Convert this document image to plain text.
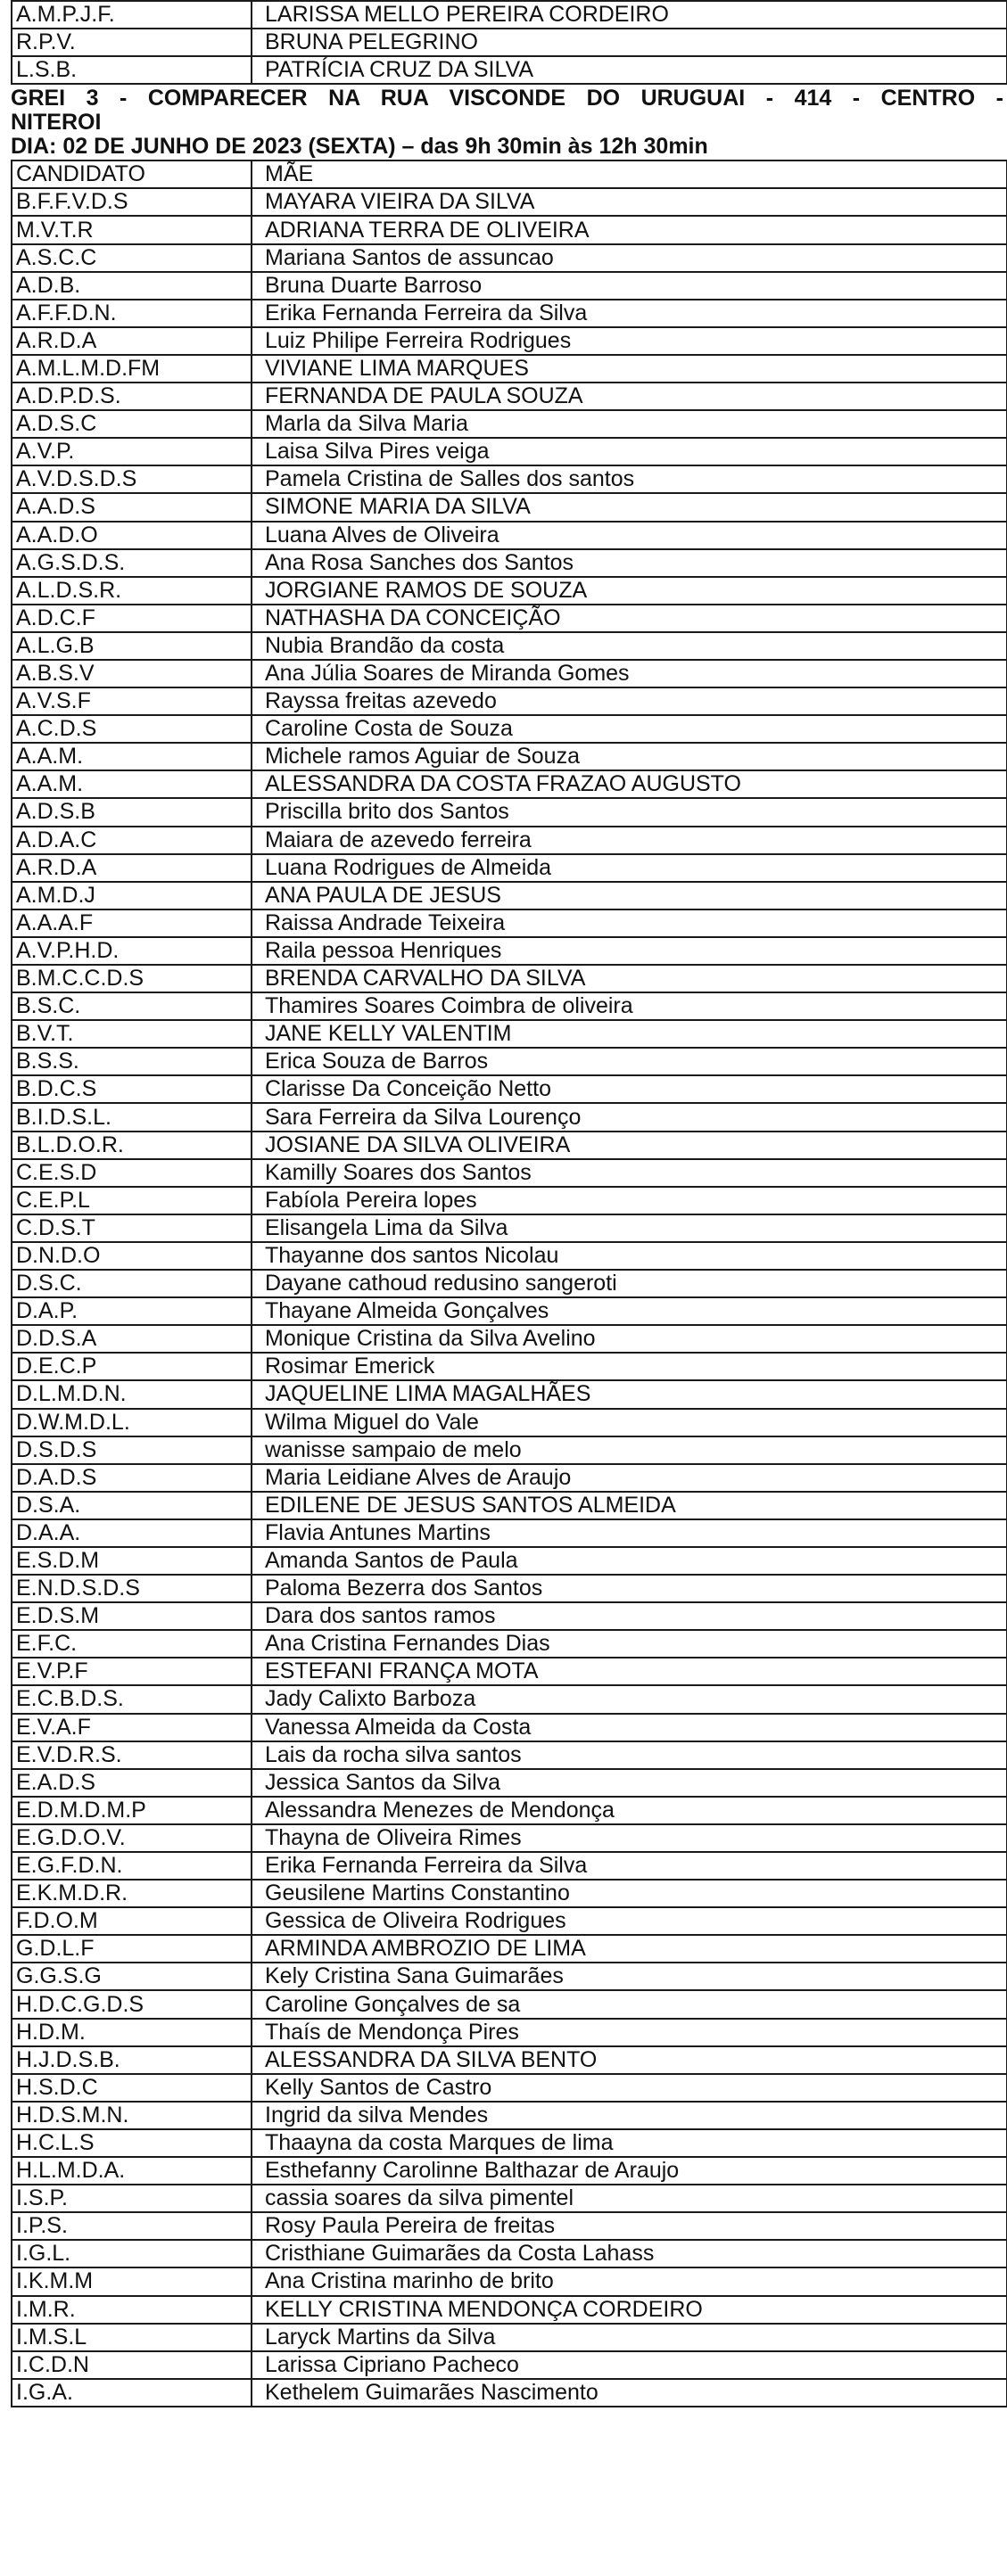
A.M.P.J.F.	LARISSA MELLO PEREIRA CORDEIRO
R.P.V.	BRUNA PELEGRINO
L.S.B.	PATRÍCIA CRUZ DA SILVA
GREI 3 - COMPARECER NA RUA VISCONDE DO URUGUAI - 414 - CENTRO -
NITEROI
DIA: 02 DE JUNHO DE 2023 (SEXTA) – das 9h 30min às 12h 30min
CANDIDATO	MÃE
B.F.F.V.D.S	MAYARA VIEIRA DA SILVA
M.V.T.R	ADRIANA TERRA DE OLIVEIRA
A.S.C.C	Mariana Santos de assuncao
A.D.B.	Bruna Duarte Barroso
A.F.F.D.N.	Erika Fernanda Ferreira da Silva
A.R.D.A	Luiz Philipe Ferreira Rodrigues
A.M.L.M.D.FM	VIVIANE LIMA MARQUES
A.D.P.D.S.	FERNANDA DE PAULA SOUZA
A.D.S.C	Marla da Silva Maria
A.V.P.	Laisa Silva Pires veiga
A.V.D.S.D.S	Pamela Cristina de Salles dos santos
A.A.D.S	SIMONE MARIA DA SILVA
A.A.D.O	Luana Alves de Oliveira
A.G.S.D.S.	Ana Rosa Sanches dos Santos
A.L.D.S.R.	JORGIANE RAMOS DE SOUZA
A.D.C.F	NATHASHA DA CONCEIÇÃO
A.L.G.B	Nubia Brandão da costa
A.B.S.V	Ana Júlia Soares de Miranda Gomes
A.V.S.F	Rayssa freitas azevedo
A.C.D.S	Caroline Costa de Souza
A.A.M.	Michele ramos Aguiar de Souza
A.A.M.	ALESSANDRA DA COSTA FRAZAO AUGUSTO
A.D.S.B	Priscilla brito dos Santos
A.D.A.C	Maiara de azevedo ferreira
A.R.D.A	Luana Rodrigues de Almeida
A.M.D.J	ANA PAULA DE JESUS
A.A.A.F	Raissa Andrade Teixeira
A.V.P.H.D.	Raila pessoa Henriques
B.M.C.C.D.S	BRENDA CARVALHO DA SILVA
B.S.C.	Thamires Soares Coimbra de oliveira
B.V.T.	JANE KELLY VALENTIM
B.S.S.	Erica Souza de Barros
B.D.C.S	Clarisse Da Conceição Netto
B.I.D.S.L.	Sara Ferreira da Silva Lourenço
B.L.D.O.R.	JOSIANE DA SILVA OLIVEIRA
C.E.S.D	Kamilly Soares dos Santos
C.E.P.L	Fabíola Pereira lopes
C.D.S.T	Elisangela Lima da Silva
D.N.D.O	Thayanne dos santos Nicolau
D.S.C.	Dayane cathoud redusino sangeroti
D.A.P.	Thayane Almeida Gonçalves
D.D.S.A	Monique Cristina da Silva Avelino
D.E.C.P	Rosimar Emerick
D.L.M.D.N.	JAQUELINE LIMA MAGALHÃES
D.W.M.D.L.	Wilma Miguel do Vale
D.S.D.S	wanisse sampaio de melo
D.A.D.S	Maria Leidiane Alves de Araujo
D.S.A.	EDILENE DE JESUS SANTOS ALMEIDA
D.A.A.	Flavia Antunes Martins
E.S.D.M	Amanda Santos de Paula
E.N.D.S.D.S	Paloma Bezerra dos Santos
E.D.S.M	Dara dos santos ramos
E.F.C.	Ana Cristina Fernandes Dias
E.V.P.F	ESTEFANI FRANÇA MOTA
E.C.B.D.S.	Jady Calixto Barboza
E.V.A.F	Vanessa Almeida da Costa
E.V.D.R.S.	Lais da rocha silva santos
E.A.D.S	Jessica Santos da Silva
E.D.M.D.M.P	Alessandra Menezes de Mendonça
E.G.D.O.V.	Thayna de Oliveira Rimes
E.G.F.D.N.	Erika Fernanda Ferreira da Silva
E.K.M.D.R.	Geusilene Martins Constantino
F.D.O.M	Gessica de Oliveira Rodrigues
G.D.L.F	ARMINDA AMBROZIO DE LIMA
G.G.S.G	Kely Cristina Sana Guimarães
H.D.C.G.D.S	Caroline Gonçalves de sa
H.D.M.	Thaís de Mendonça Pires
H.J.D.S.B.	ALESSANDRA DA SILVA BENTO
H.S.D.C	Kelly Santos de Castro
H.D.S.M.N.	Ingrid da silva Mendes
H.C.L.S	Thaayna da costa Marques de lima
H.L.M.D.A.	Esthefanny Carolinne Balthazar de Araujo
I.S.P.	cassia soares da silva pimentel
I.P.S.	Rosy Paula Pereira de freitas
I.G.L.	Cristhiane Guimarães da Costa Lahass
I.K.M.M	Ana Cristina marinho de brito
I.M.R.	KELLY CRISTINA MENDONÇA CORDEIRO
I.M.S.L	Laryck Martins da Silva
I.C.D.N	Larissa Cipriano Pacheco
I.G.A.	Kethelem Guimarães Nascimento
